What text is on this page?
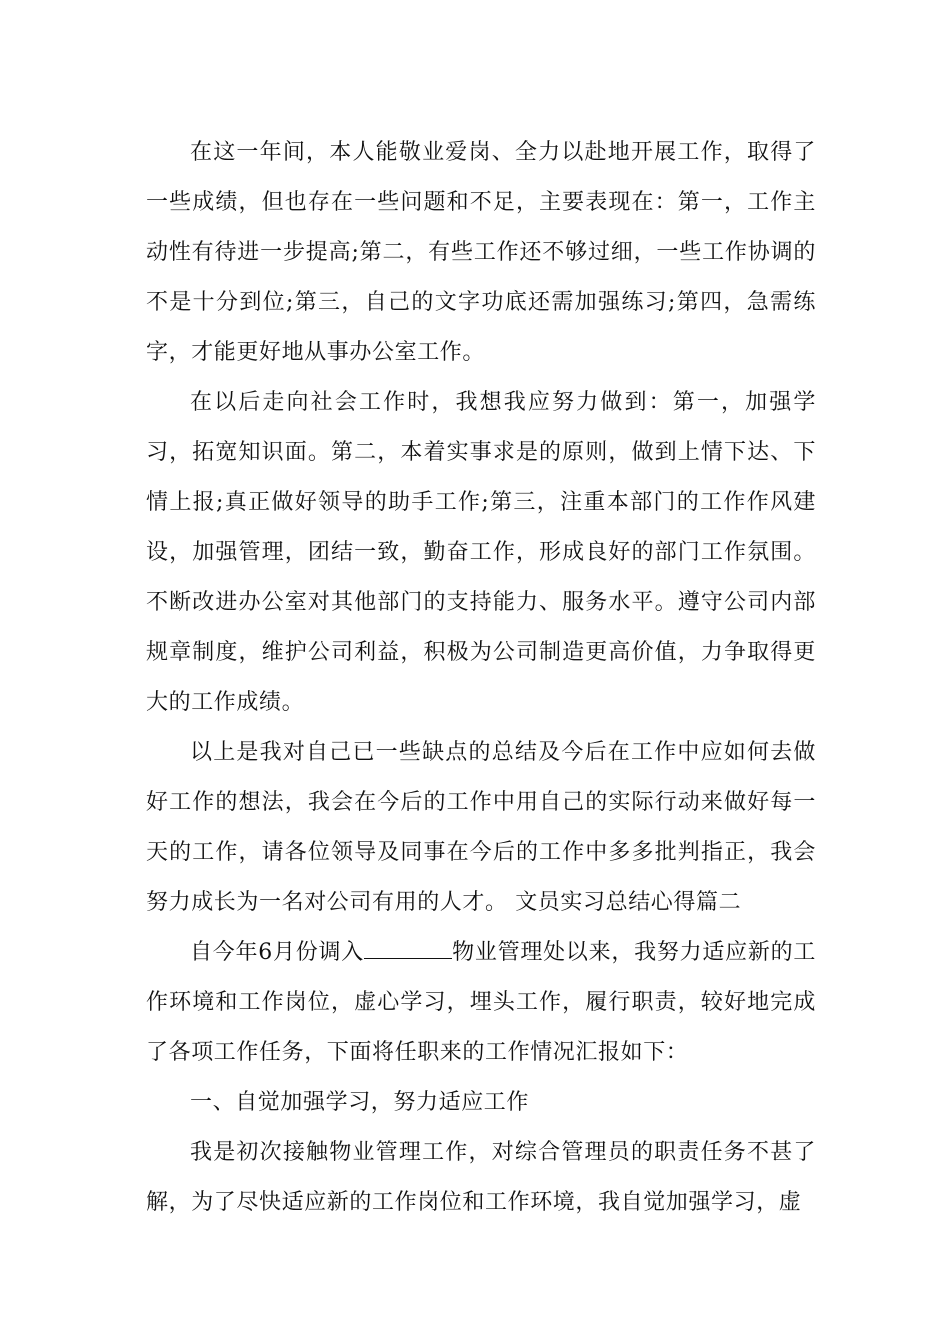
在这一年间，本人能敬业爱岗、全力以赴地开展工作，取得了一些成绩，但也存在一些问题和不足，主要表现在：第一，工作主动性有待进一步提高;第二，有些工作还不够过细，一些工作协调的不是十分到位;第三，自己的文字功底还需加强练习;第四，急需练字，才能更好地从事办公室工作。

在以后走向社会工作时，我想我应努力做到：第一，加强学习，拓宽知识面。第二，本着实事求是的原则，做到上情下达、下情上报;真正做好领导的助手工作;第三，注重本部门的工作作风建设，加强管理，团结一致，勤奋工作，形成良好的部门工作氛围。不断改进办公室对其他部门的支持能力、服务水平。遵守公司内部规章制度，维护公司利益，积极为公司制造更高价值，力争取得更大的工作成绩。

以上是我对自己已一些缺点的总结及今后在工作中应如何去做好工作的想法，我会在今后的工作中用自己的实际行动来做好每一天的工作，请各位领导及同事在今后的工作中多多批判指正，我会努力成长为一名对公司有用的人才。 文员实习总结心得篇二

自今年6月份调入	物业管理处以来，我努力适应新的工作环境和工作岗位，虚心学习，埋头工作，履行职责，较好地完成了各项工作任务，下面将任职来的工作情况汇报如下：

一、自觉加强学习，努力适应工作

我是初次接触物业管理工作，对综合管理员的职责任务不甚了解，为了尽快适应新的工作岗位和工作环境，我自觉加强学习，虚
